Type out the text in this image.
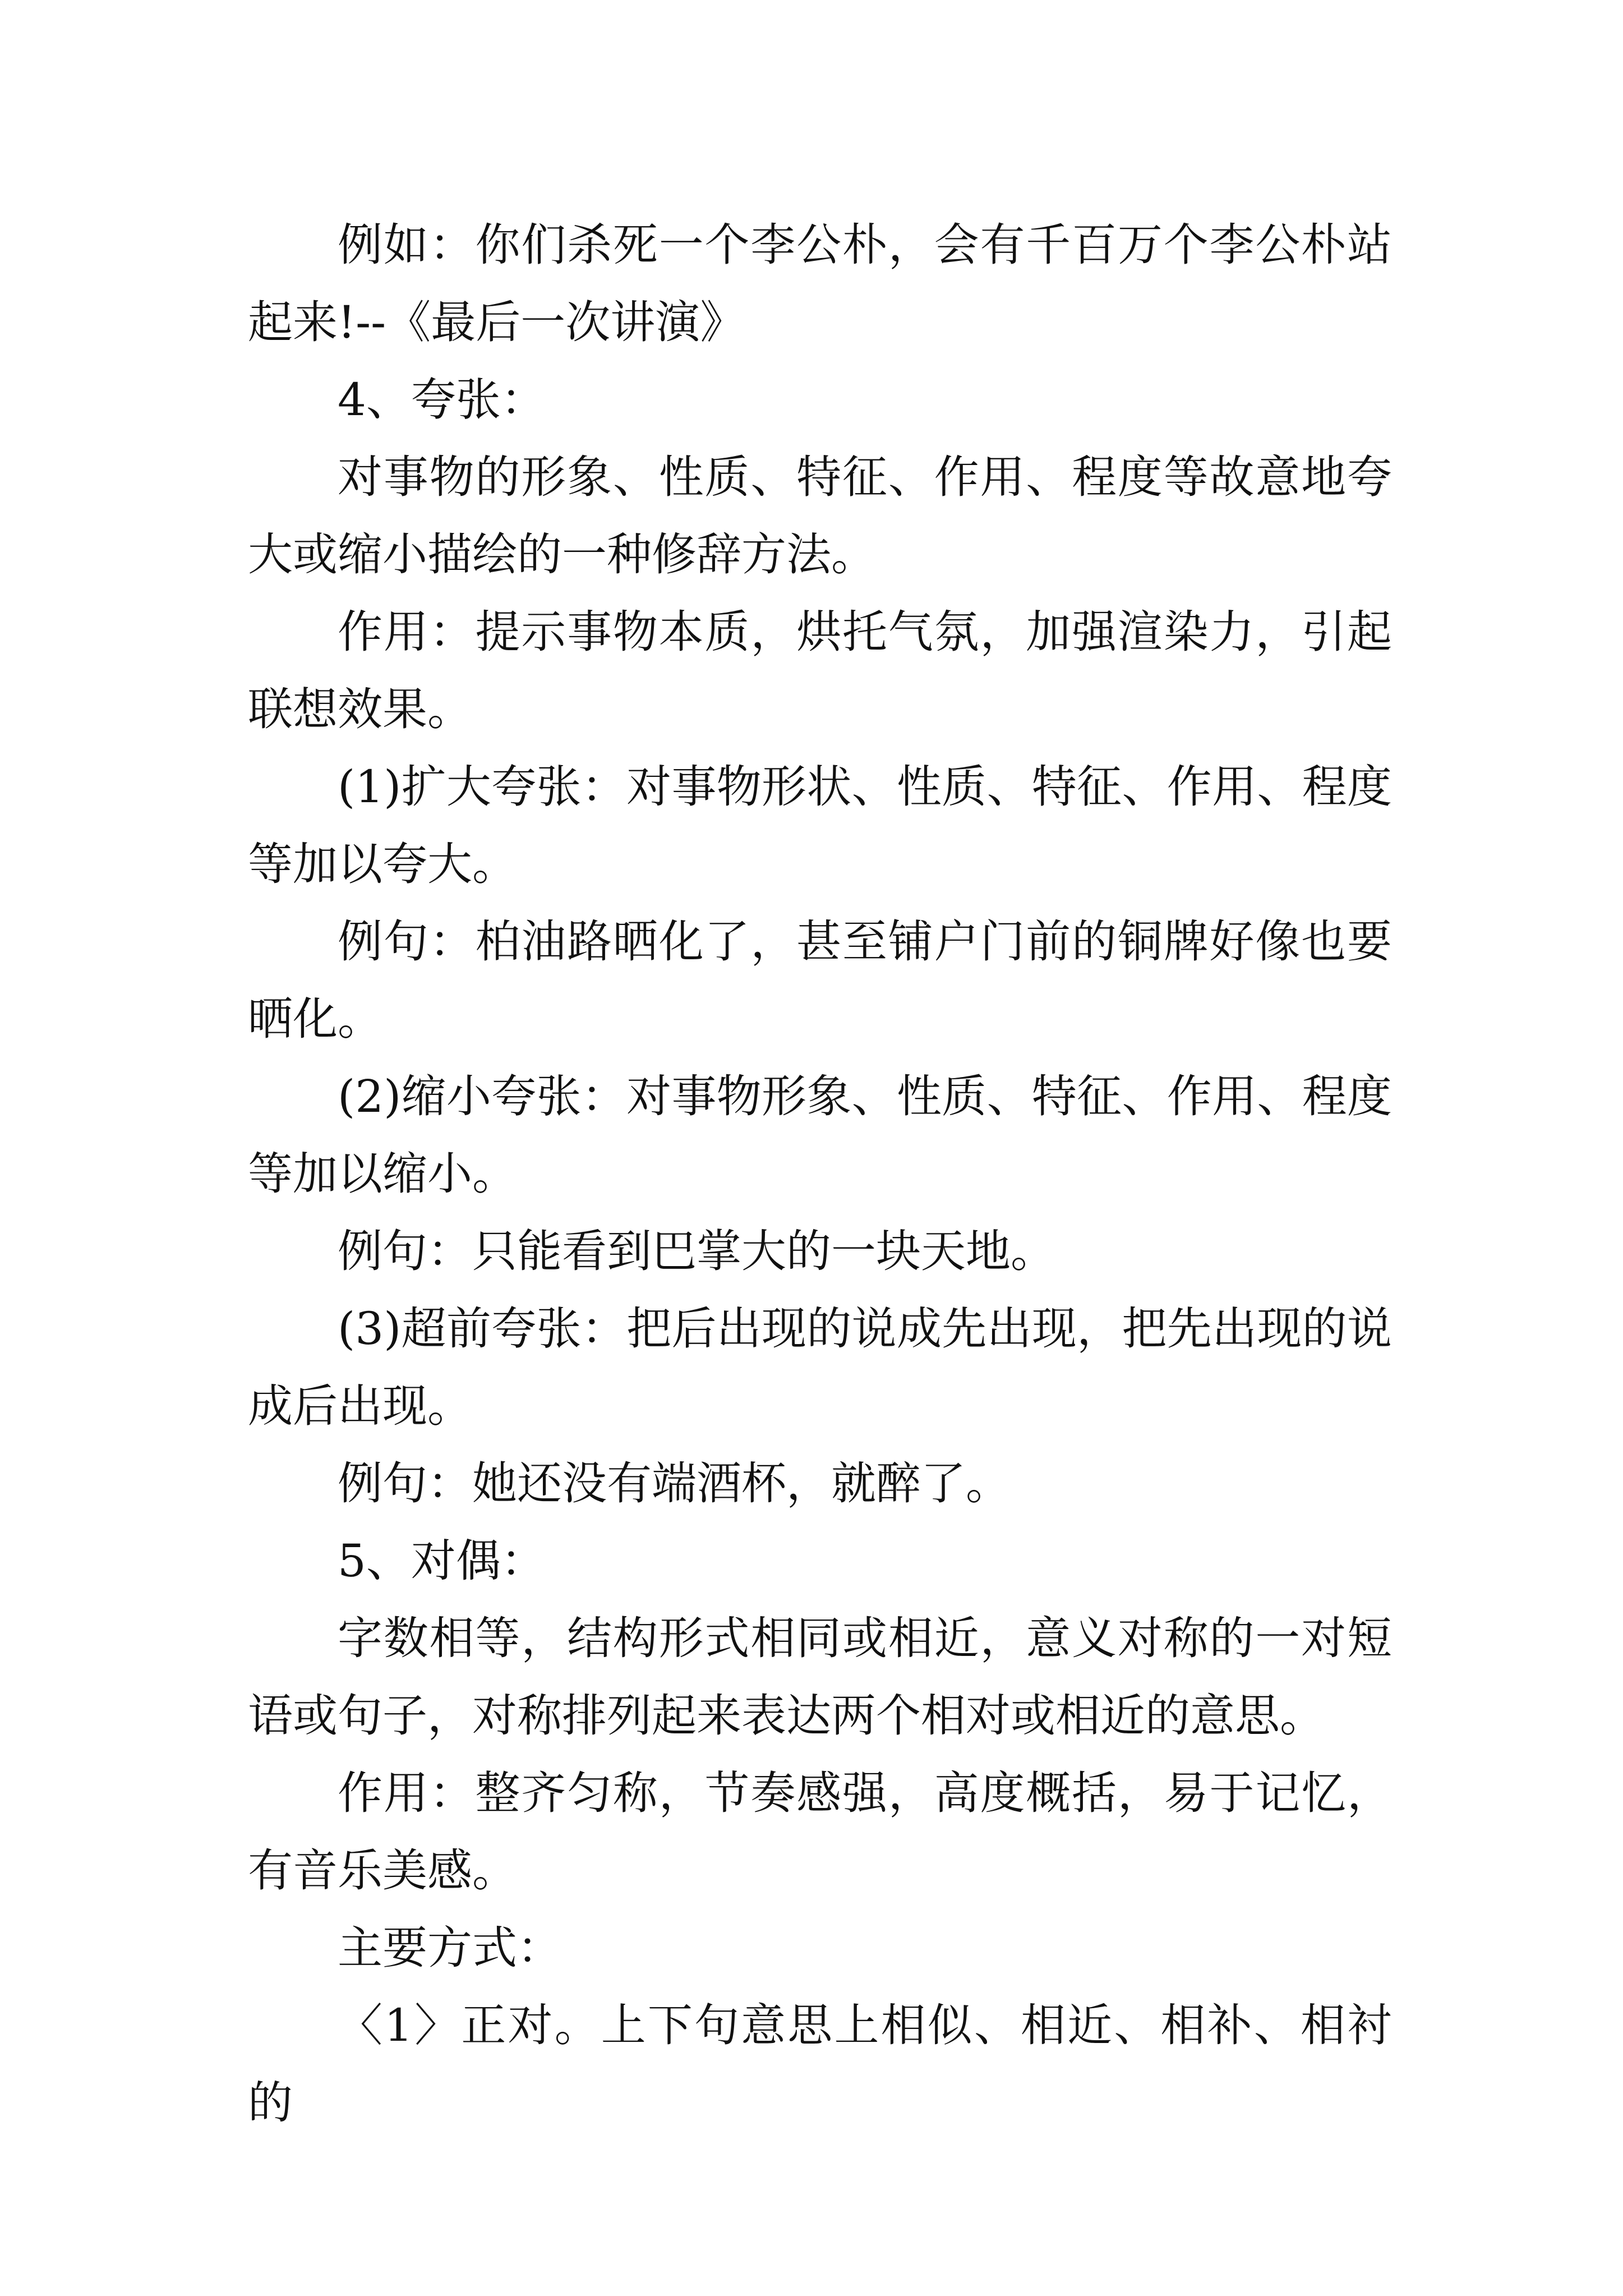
例如：你们杀死一个李公朴，会有千百万个李公朴站起来!--《最后一次讲演》

4、夸张：

对事物的形象、性质、特征、作用、程度等故意地夸大或缩小描绘的一种修辞方法。

作用：提示事物本质，烘托气氛，加强渲染力，引起联想效果。

(1)扩大夸张：对事物形状、性质、特征、作用、程度等加以夸大。

例句：柏油路晒化了，甚至铺户门前的铜牌好像也要晒化。

(2)缩小夸张：对事物形象、性质、特征、作用、程度等加以缩小。

例句：只能看到巴掌大的一块天地。

(3)超前夸张：把后出现的说成先出现，把先出现的说成后出现。

例句：她还没有端酒杯，就醉了。

5、对偶：

字数相等，结构形式相同或相近，意义对称的一对短语或句子，对称排列起来表达两个相对或相近的意思。

作用：整齐匀称，节奏感强，高度概括，易于记忆，有音乐美感。

主要方式：

〈1〉正对。上下句意思上相似、相近、相补、相衬的
